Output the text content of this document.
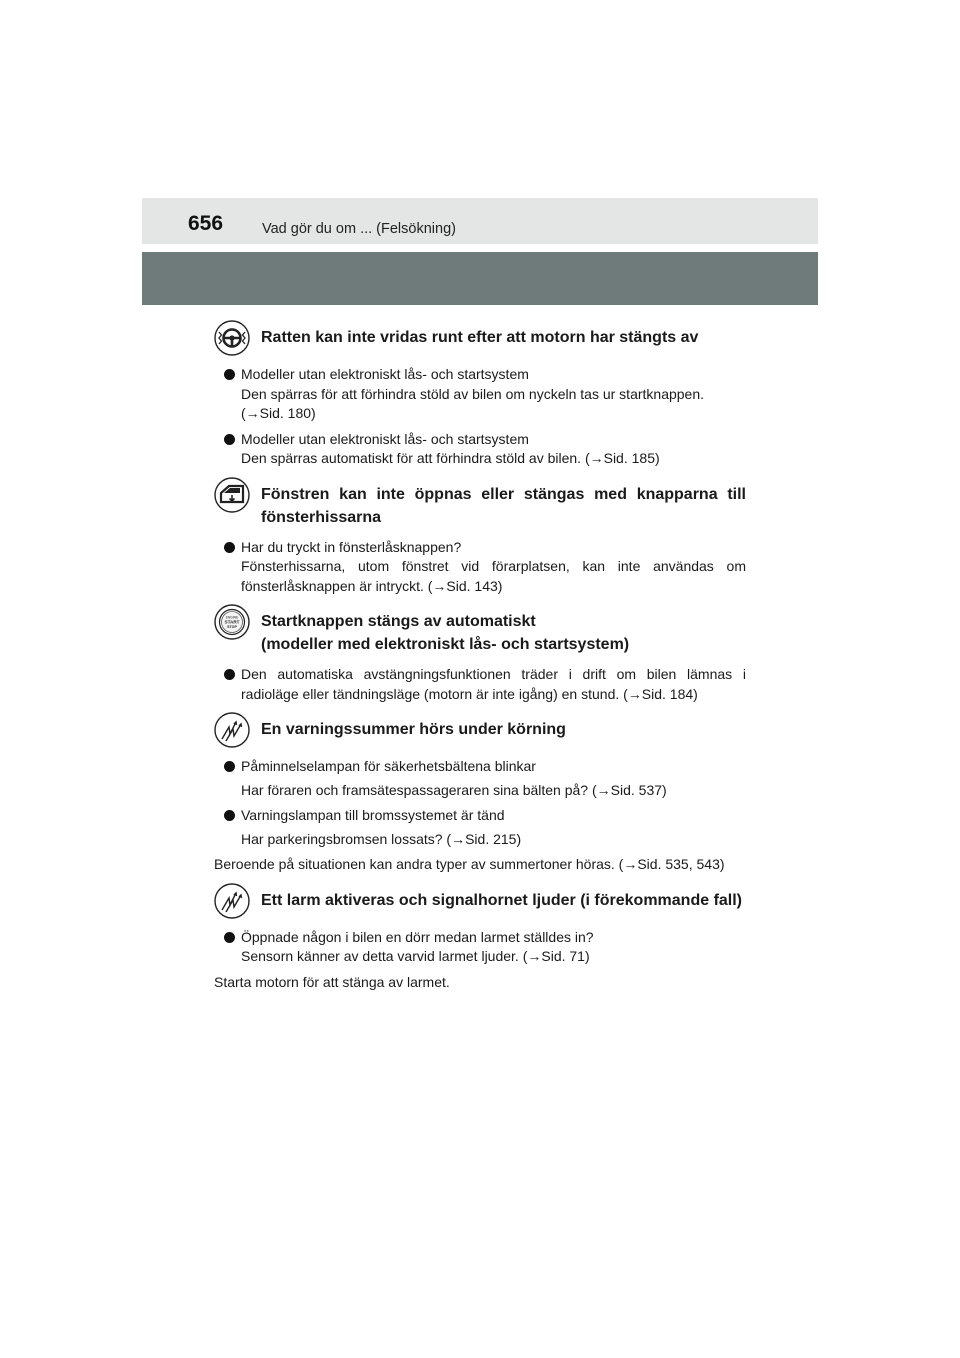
656	Vad gör du om ... (Felsökning)
Ratten kan inte vridas runt efter att motorn har stängts av
Modeller utan elektroniskt lås- och startsystem
Den spärras för att förhindra stöld av bilen om nyckeln tas ur startknappen.
(→Sid. 180)
Modeller utan elektroniskt lås- och startsystem
Den spärras automatiskt för att förhindra stöld av bilen. (→Sid. 185)
Fönstren kan inte öppnas eller stängas med knapparna till fönsterhissarna
Har du tryckt in fönsterlåsknappen?
Fönsterhissarna, utom fönstret vid förarplatsen, kan inte användas om fönsterlåsknappen är intryckt. (→Sid. 143)
ENGINE
START
STOP Startknappen stängs av automatiskt
(modeller med elektroniskt lås- och startsystem)
Den automatiska avstängningsfunktionen träder i drift om bilen lämnas i radioläge eller tändningsläge (motorn är inte igång) en stund. (→Sid. 184)
En varningssummer hörs under körning
Påminnelselampan för säkerhetsbältena blinkar
Har föraren och framsätespassageraren sina bälten på? (→Sid. 537)
Varningslampan till bromssystemet är tänd
Har parkeringsbromsen lossats? (→Sid. 215)
Beroende på situationen kan andra typer av summertoner höras. (→Sid. 535, 543)
Ett larm aktiveras och signalhornet ljuder (i förekommande fall)
Öppnade någon i bilen en dörr medan larmet ställdes in?
Sensorn känner av detta varvid larmet ljuder. (→Sid. 71)
Starta motorn för att stänga av larmet.
